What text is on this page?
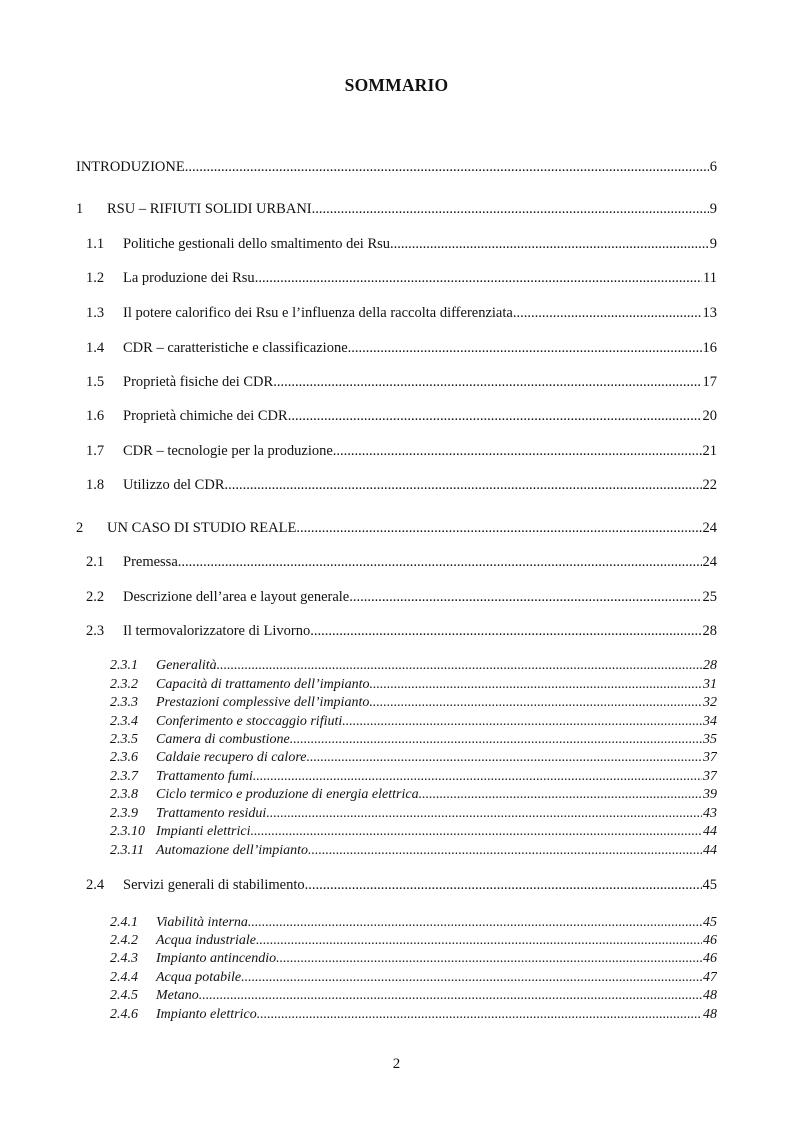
SOMMARIO
INTRODUZIONE .....	6
1	RSU – RIFIUTI SOLIDI URBANI .....	9
1.1	Politiche gestionali dello smaltimento dei Rsu .....	9
1.2	La produzione dei Rsu .....	11
1.3	Il potere calorifico dei Rsu e l’influenza della raccolta differenziata .....	13
1.4	CDR – caratteristiche e classificazione .....	16
1.5	Proprietà fisiche dei CDR .....	17
1.6	Proprietà chimiche dei CDR .....	20
1.7	CDR – tecnologie per la produzione .....	21
1.8	Utilizzo del CDR .....	22
2	UN CASO DI STUDIO REALE .....	24
2.1	Premessa .....	24
2.2	Descrizione dell’area e layout generale .....	25
2.3	Il termovalorizzatore di Livorno .....	28
2.3.1	Generalità .....	28
2.3.2	Capacità di trattamento dell’impianto .....	31
2.3.3	Prestazioni complessive dell’impianto .....	32
2.3.4	Conferimento e stoccaggio rifiuti .....	34
2.3.5	Camera di combustione .....	35
2.3.6	Caldaie recupero di calore .....	37
2.3.7	Trattamento fumi .....	37
2.3.8	Ciclo termico e produzione di energia elettrica .....	39
2.3.9	Trattamento residui .....	43
2.3.10 Impianti elettrici .....	44
2.3.11 Automazione dell’impianto .....	44
2.4	Servizi generali di stabilimento .....	45
2.4.1	Viabilità interna .....	45
2.4.2	Acqua industriale .....	46
2.4.3	Impianto antincendio .....	46
2.4.4	Acqua potabile .....	47
2.4.5	Metano .....	48
2.4.6	Impianto elettrico .....	48
2
